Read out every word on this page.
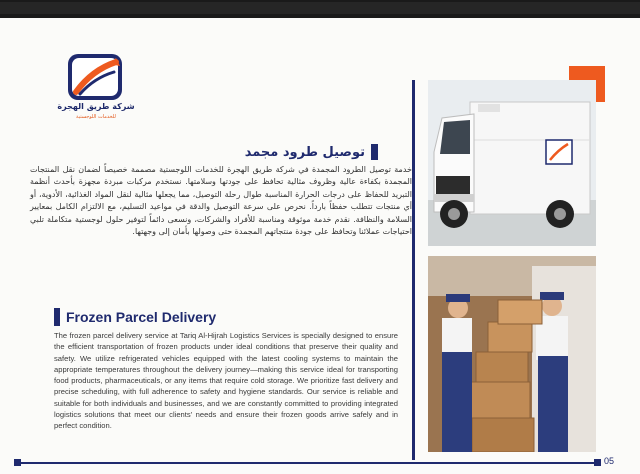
شركة طريق الهجرة
للخدمات اللوجستية
توصيل طرود مجمد

خدمة توصيل الطرود المجمدة في شركة طريق الهجرة للخدمات اللوجستية مصممة خصيصاً لضمان نقل المنتجات المجمدة بكفاءة عالية وظروف مثالية تحافظ على جودتها وسلامتها. نستخدم مركبات مبردة مجهزة بأحدث أنظمة التبريد للحفاظ على درجات الحرارة المناسبة طوال رحلة التوصيل، مما يجعلها مثالية لنقل المواد الغذائية، الأدوية، أو أي منتجات تتطلب حفظاً بارداً. نحرص على سرعة التوصيل والدقة في مواعيد التسليم، مع الالتزام الكامل بمعايير السلامة والنظافة. نقدم خدمة موثوقة ومناسبة للأفراد والشركات، ونسعى دائماً لتوفير حلول لوجستية متكاملة تلبي احتياجات عملائنا وتحافظ على جودة منتجاتهم المجمدة حتى وصولها بأمان إلى وجهتها.

Frozen Parcel Delivery

The frozen parcel delivery service at Tariq Al-Hijrah Logistics Services is specially designed to ensure the efficient transportation of frozen products under ideal conditions that preserve their quality and safety. We utilize refrigerated vehicles equipped with the latest cooling systems to maintain the appropriate temperatures throughout the delivery journey—making this service ideal for transporting food products, pharmaceuticals, or any items that require cold storage. We prioritize fast delivery and precise scheduling, with full adherence to safety and hygiene standards. Our service is reliable and suitable for both individuals and businesses, and we are constantly committed to providing integrated logistics solutions that meet our clients' needs and ensure their frozen goods arrive safely and in perfect condition.

05
